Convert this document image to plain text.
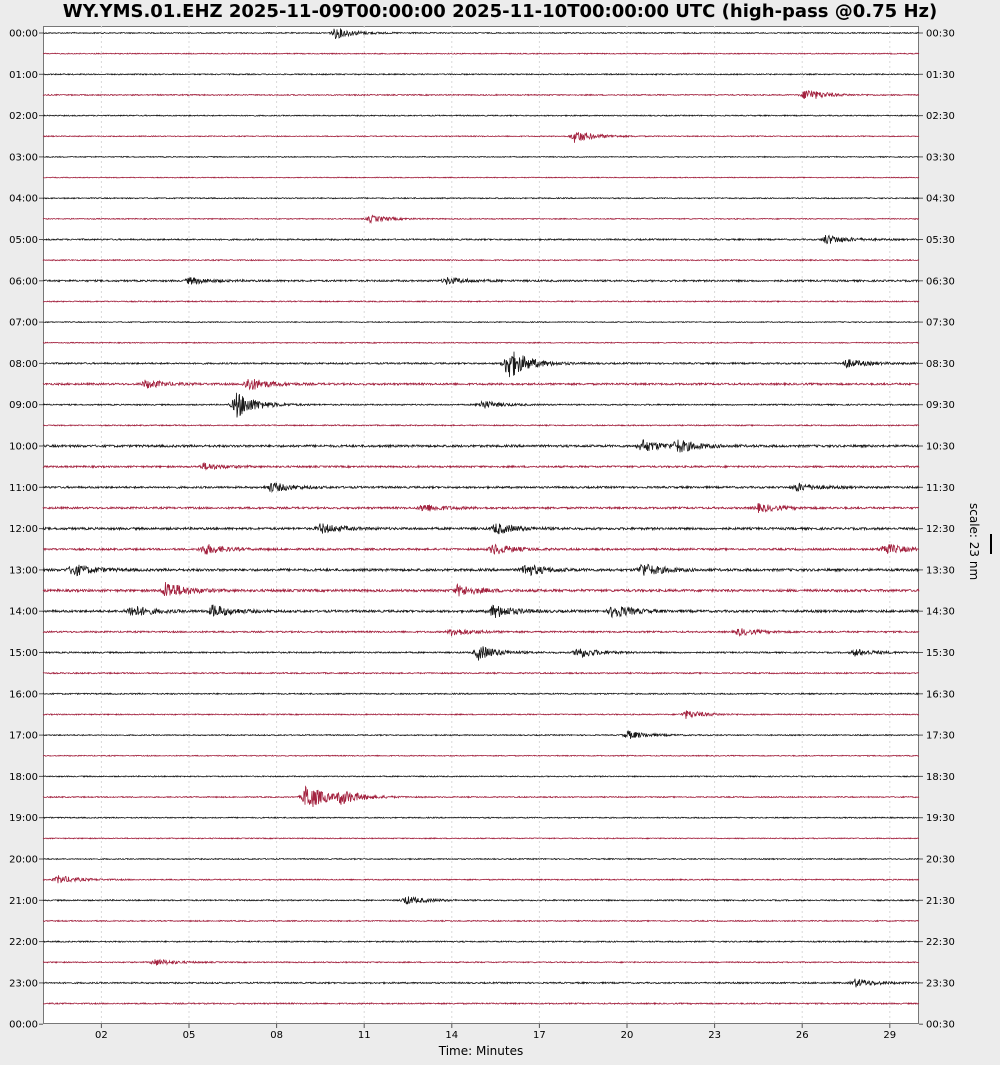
WY.YMS.01.EHZ 2025-11-09T00:00:00 2025-11-10T00:00:00 UTC (high-pass @0.75 Hz)
00:00
01:00
02:00
03:00
04:00
05:00
06:00
07:00
08:00
09:00
10:00
11:00
12:00
13:00
14:00
15:00
16:00
17:00
18:00
19:00
20:00
21:00
22:00
23:00
00:00
00:30
01:30
02:30
03:30
04:30
05:30
06:30
07:30
08:30
09:30
10:30
11:30
12:30
13:30
14:30
15:30
16:30
17:30
18:30
19:30
20:30
21:30
22:30
23:30
00:30
02	05	08	11	14	17	20	23	26	29
Time: Minutes
scale: 23 nm
